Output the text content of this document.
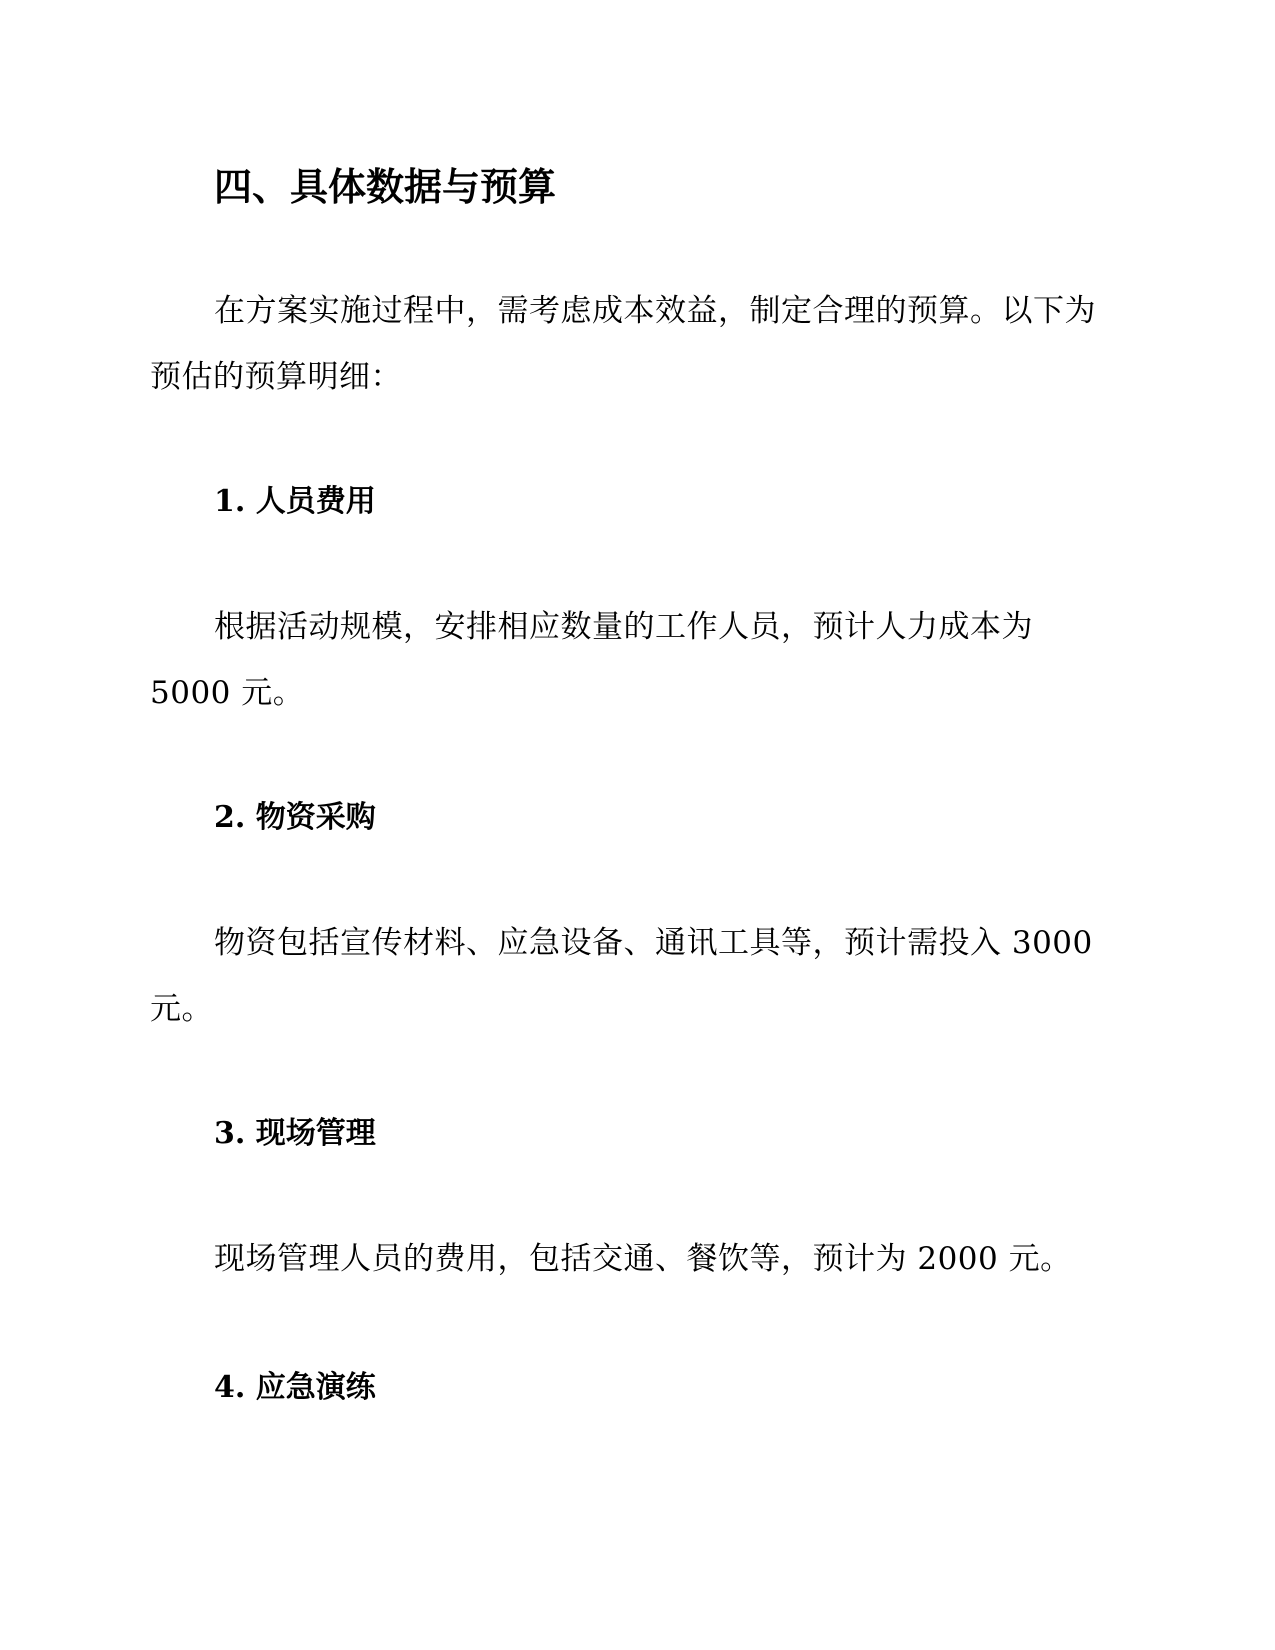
四、具体数据与预算

在方案实施过程中，需考虑成本效益，制定合理的预算。以下为预估的预算明细：

1. 人员费用

根据活动规模，安排相应数量的工作人员，预计人力成本为 5000 元。

2. 物资采购

物资包括宣传材料、应急设备、通讯工具等，预计需投入 3000 元。

3. 现场管理

现场管理人员的费用，包括交通、餐饮等，预计为 2000 元。

4. 应急演练
